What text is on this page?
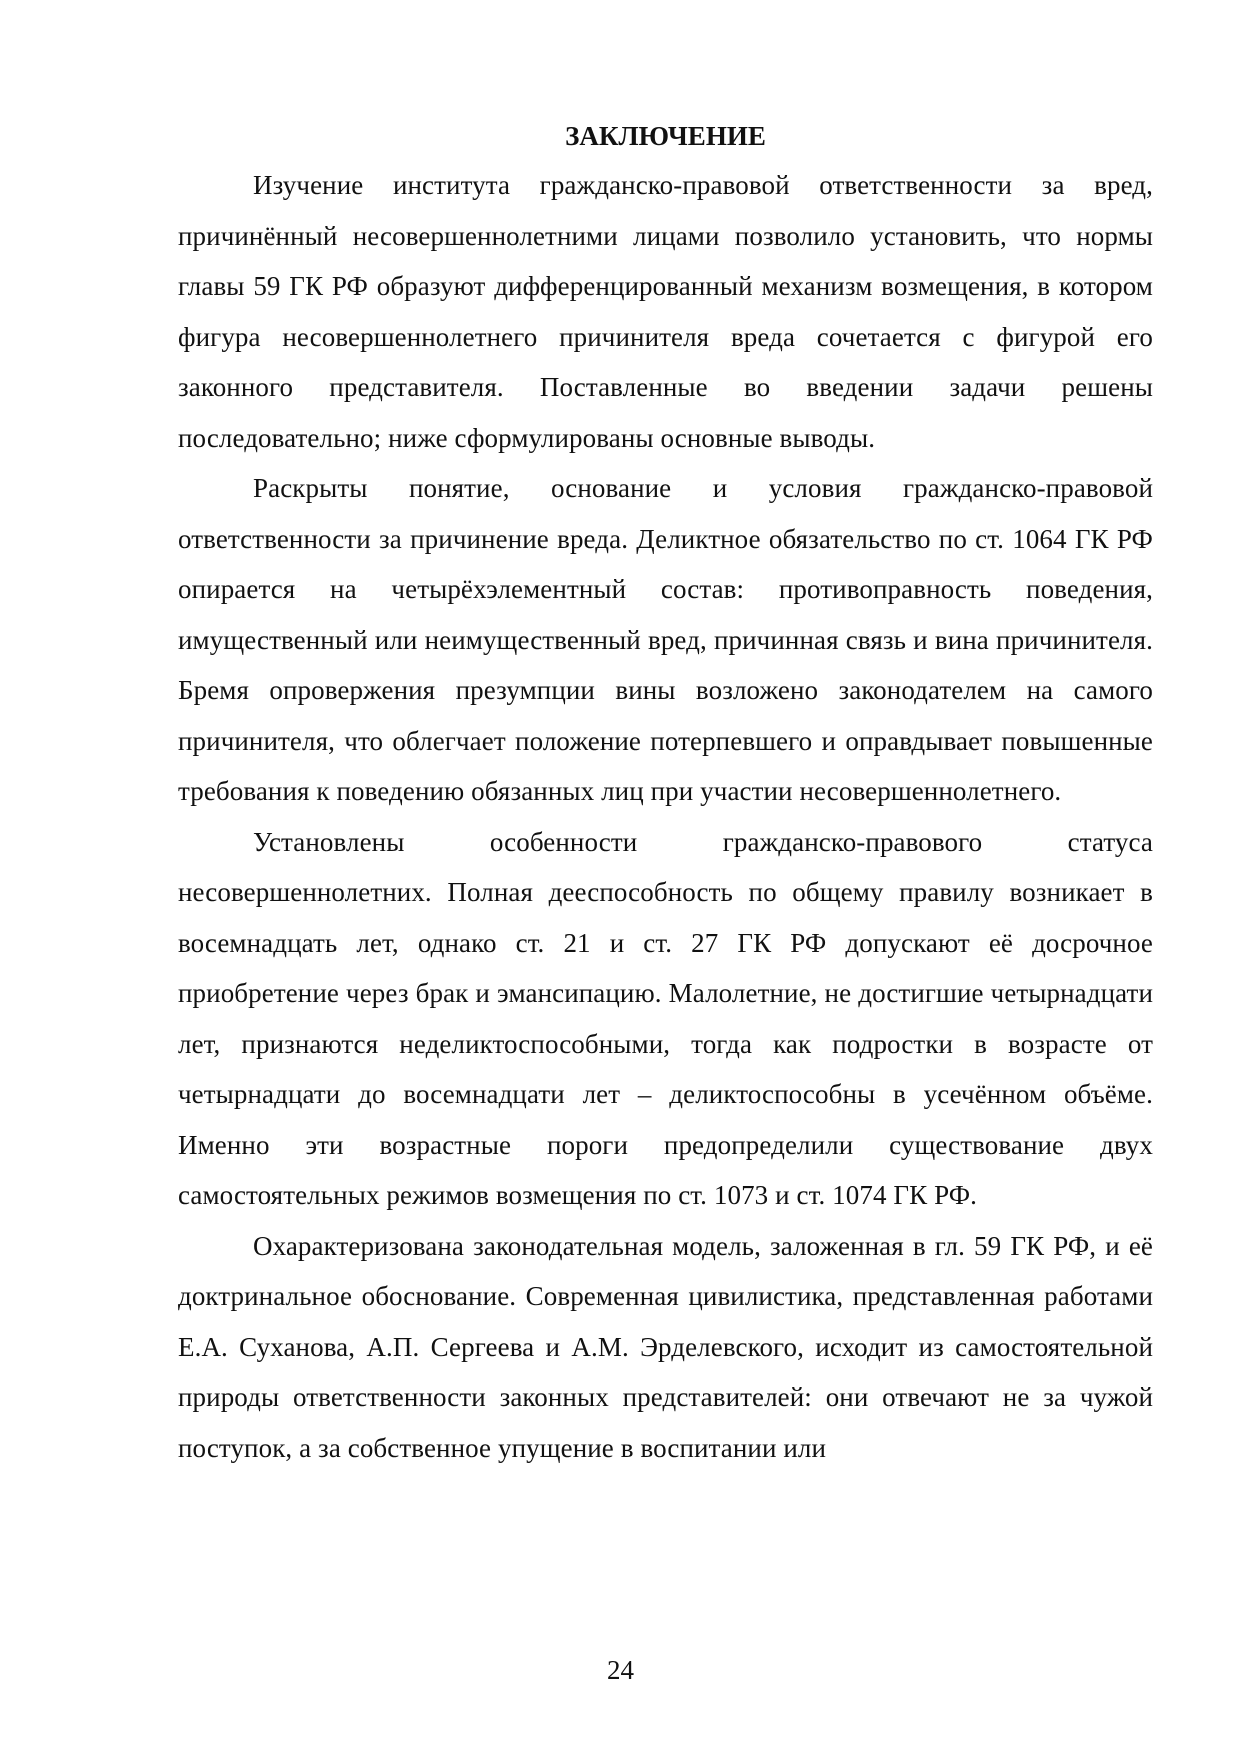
ЗАКЛЮЧЕНИЕ

Изучение института гражданско-правовой ответственности за вред, причинённый несовершеннолетними лицами позволило установить, что нормы главы 59 ГК РФ образуют дифференцированный механизм возмещения, в котором фигура несовершеннолетнего причинителя вреда сочетается с фигурой его законного представителя. Поставленные во введении задачи решены последовательно; ниже сформулированы основные выводы.

Раскрыты понятие, основание и условия гражданско-правовой ответственности за причинение вреда. Деликтное обязательство по ст. 1064 ГК РФ опирается на четырёхэлементный состав: противоправность поведения, имущественный или неимущественный вред, причинная связь и вина причинителя. Бремя опровержения презумпции вины возложено законодателем на самого причинителя, что облегчает положение потерпевшего и оправдывает повышенные требования к поведению обязанных лиц при участии несовершеннолетнего.

Установлены особенности гражданско-правового статуса несовершеннолетних. Полная дееспособность по общему правилу возникает в восемнадцать лет, однако ст. 21 и ст. 27 ГК РФ допускают её досрочное приобретение через брак и эмансипацию. Малолетние, не достигшие четырнадцати лет, признаются неделиктоспособными, тогда как подростки в возрасте от четырнадцати до восемнадцати лет – деликтоспособны в усечённом объёме. Именно эти возрастные пороги предопределили существование двух самостоятельных режимов возмещения по ст. 1073 и ст. 1074 ГК РФ.

Охарактеризована законодательная модель, заложенная в гл. 59 ГК РФ, и её доктринальное обоснование. Современная цивилистика, представленная работами Е.А. Суханова, А.П. Сергеева и А.М. Эрделевского, исходит из самостоятельной природы ответственности законных представителей: они отвечают не за чужой поступок, а за собственное упущение в воспитании или

24
